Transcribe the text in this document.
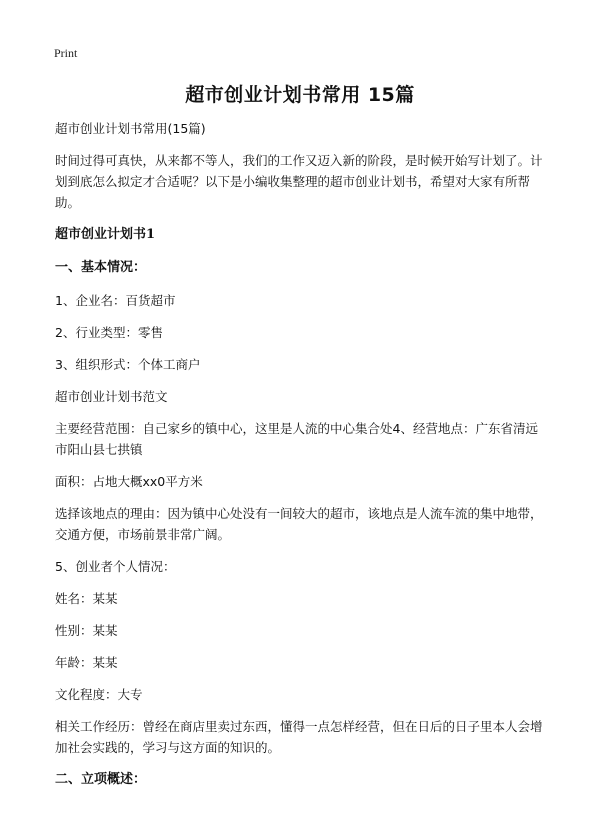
Print
超市创业计划书常用 15篇

超市创业计划书常用(15篇)

时间过得可真快，从来都不等人，我们的工作又迈入新的阶段，是时候开始写计划了。计划到底怎么拟定才合适呢？以下是小编收集整理的超市创业计划书，希望对大家有所帮助。

超市创业计划书1

一、基本情况：

1、企业名：百货超市

2、行业类型：零售

3、组织形式：个体工商户

超市创业计划书范文

主要经营范围：自己家乡的镇中心，这里是人流的中心集合处4、经营地点：广东省清远市阳山县七拱镇

面积：占地大概xx0平方米

选择该地点的理由：因为镇中心处没有一间较大的超市，该地点是人流车流的集中地带，交通方便，市场前景非常广阔。

5、创业者个人情况：

姓名：某某

性别：某某

年龄：某某

文化程度：大专

相关工作经历：曾经在商店里卖过东西，懂得一点怎样经营，但在日后的日子里本人会增加社会实践的，学习与这方面的知识的。

二、立项概述：
